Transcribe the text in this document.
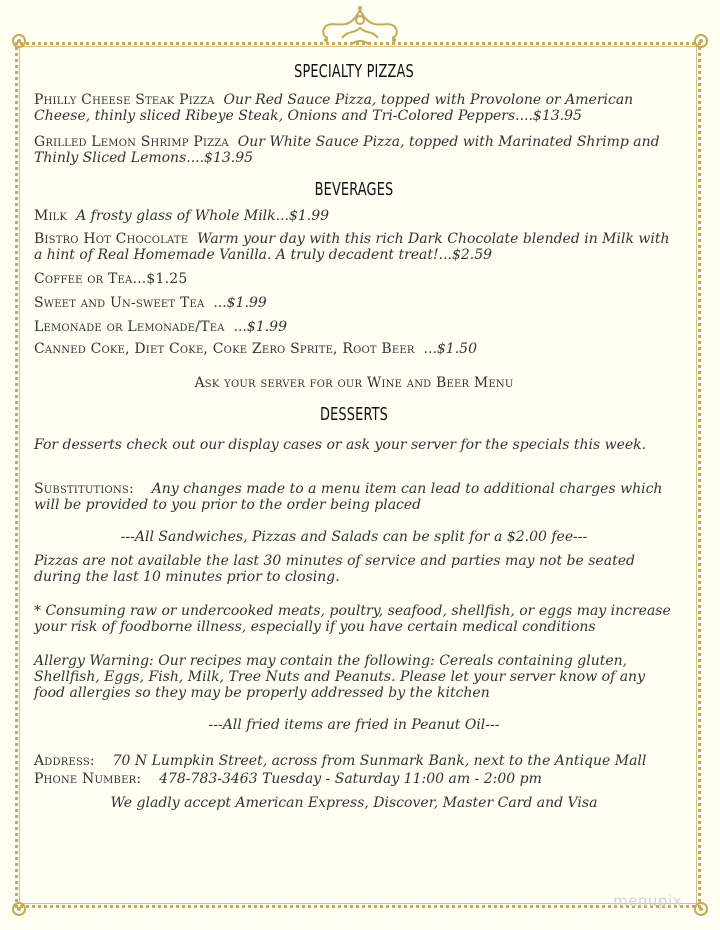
SPECIALTY PIZZAS
Philly Cheese Steak Pizza Our Red Sauce Pizza, topped with Provolone or American Cheese, thinly sliced Ribeye Steak, Onions and Tri-Colored Peppers....$13.95
Grilled Lemon Shrimp Pizza Our White Sauce Pizza, topped with Marinated Shrimp and Thinly Sliced Lemons....$13.95
BEVERAGES
Milk A frosty glass of Whole Milk...$1.99
Bistro Hot Chocolate Warm your day with this rich Dark Chocolate blended in Milk with a hint of Real Homemade Vanilla. A truly decadent treat!...$2.59
Coffee or Tea...$1.25
Sweet and Un-sweet Tea ...$1.99
Lemonade or Lemonade/Tea ...$1.99
Canned Coke, Diet Coke, Coke Zero Sprite, Root Beer ...$1.50
Ask your server for our Wine and Beer Menu
DESSERTS
For desserts check out our display cases or ask your server for the specials this week.
Substitutions: Any changes made to a menu item can lead to additional charges which will be provided to you prior to the order being placed
---All Sandwiches, Pizzas and Salads can be split for a $2.00 fee---
Pizzas are not available the last 30 minutes of service and parties may not be seated during the last 10 minutes prior to closing.
* Consuming raw or undercooked meats, poultry, seafood, shellfish, or eggs may increase your risk of foodborne illness, especially if you have certain medical conditions
Allergy Warning: Our recipes may contain the following: Cereals containing gluten, Shellfish, Eggs, Fish, Milk, Tree Nuts and Peanuts. Please let your server know of any food allergies so they may be properly addressed by the kitchen
---All fried items are fried in Peanut Oil---
Address: 70 N Lumpkin Street, across from Sunmark Bank, next to the Antique Mall
Phone Number: 478-783-3463 Tuesday - Saturday 11:00 am - 2:00 pm
We gladly accept American Express, Discover, Master Card and Visa
menupix
